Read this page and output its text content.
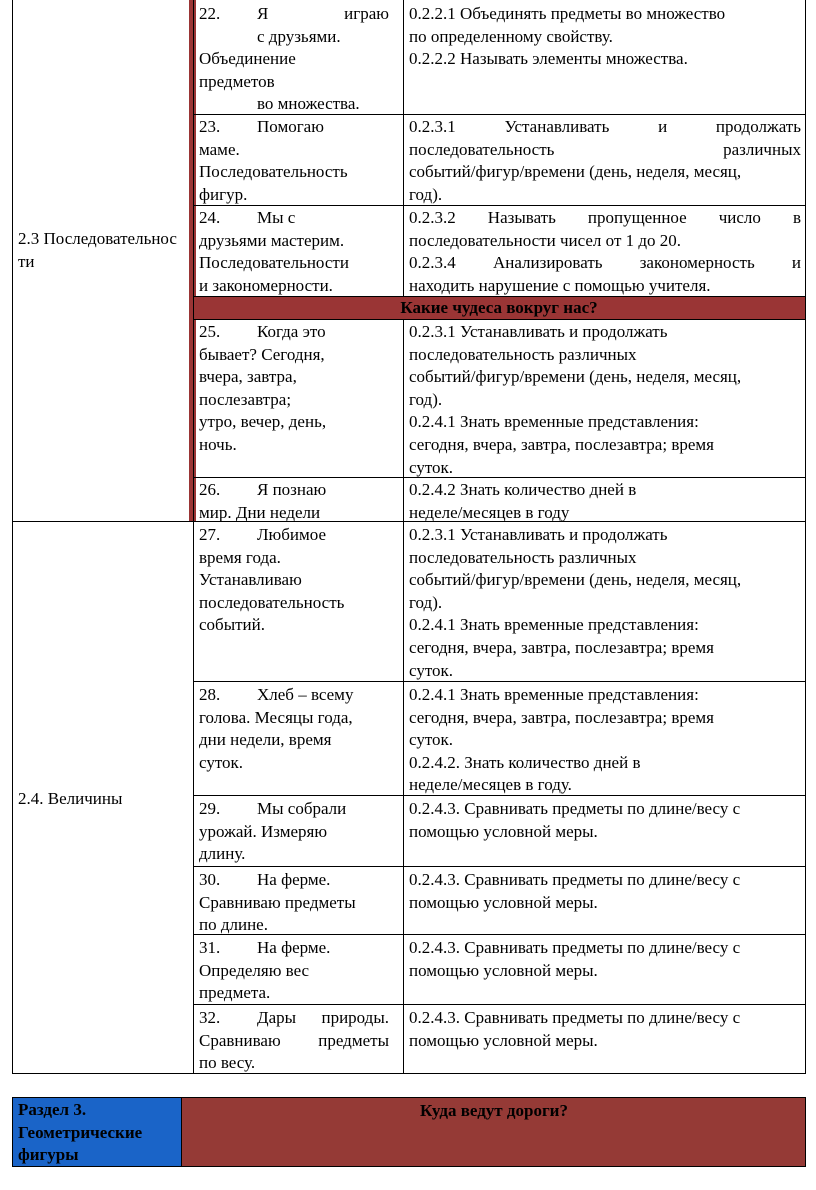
2.3 Последовательности
2.4. Величины
Какие чудеса вокруг нас?
22. Я играю
с друзьями.
Объединение
предметов
во множества.
0.2.2.1 Объединять предметы во множество
по определенному свойству.
0.2.2.2 Называть элементы множества.
23. Помогаю
маме.
Последовательность
фигур.
0.2.3.1 Устанавливать и продолжать
последовательность различных
событий/фигур/времени (день, неделя, месяц,
год).
24. Мы с
друзьями мастерим.
Последовательности
и закономерности.
0.2.3.2 Называть пропущенное число в
последовательности чисел от 1 до 20.
0.2.3.4 Анализировать закономерность и
находить нарушение с помощью учителя.
25. Когда это
бывает? Сегодня,
вчера, завтра,
послезавтра;
утро, вечер, день,
ночь.
0.2.3.1 Устанавливать и продолжать
последовательность различных
событий/фигур/времени (день, неделя, месяц,
год).
0.2.4.1 Знать временные представления:
сегодня, вчера, завтра, послезавтра; время
суток.
26. Я познаю
мир. Дни недели
0.2.4.2 Знать количество дней в
неделе/месяцев в году
27. Любимое
время года.
Устанавливаю
последовательность
событий.
0.2.3.1 Устанавливать и продолжать
последовательность различных
событий/фигур/времени (день, неделя, месяц,
год).
0.2.4.1 Знать временные представления:
сегодня, вчера, завтра, послезавтра; время
суток.
28. Хлеб – всему
голова. Месяцы года,
дни недели, время
суток.
0.2.4.1 Знать временные представления:
сегодня, вчера, завтра, послезавтра; время
суток.
0.2.4.2. Знать количество дней в
неделе/месяцев в году.
29. Мы собрали
урожай. Измеряю
длину.
0.2.4.3. Сравнивать предметы по длине/весу с
помощью условной меры.
30. На ферме.
Сравниваю предметы
по длине.
0.2.4.3. Сравнивать предметы по длине/весу с
помощью условной меры.
31. На ферме.
Определяю вес
предмета.
0.2.4.3. Сравнивать предметы по длине/весу с
помощью условной меры.
32. Дары природы.
Сравниваю предметы
по весу.
0.2.4.3. Сравнивать предметы по длине/весу с
помощью условной меры.
Раздел 3. Геометрические фигуры
Куда ведут дороги?
